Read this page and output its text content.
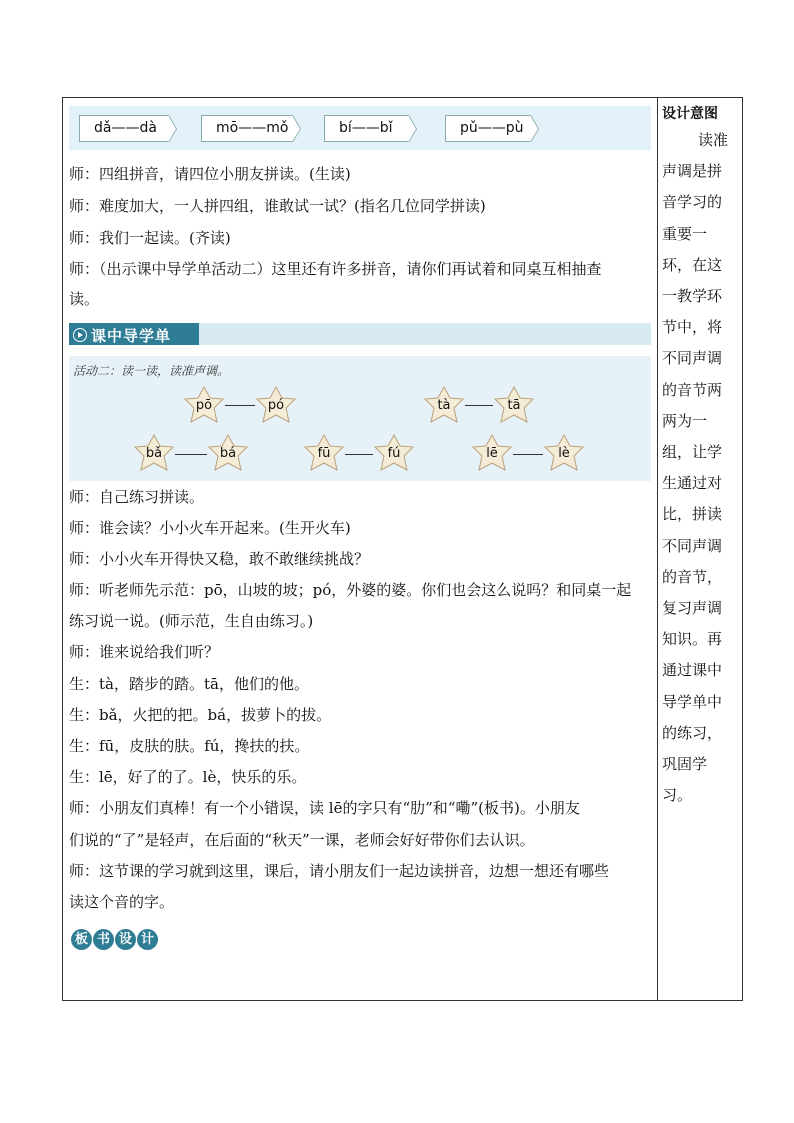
dǎ——dà	mō——mǒ	bí——bǐ	pǔ——pù
师：四组拼音，请四位小朋友拼读。(生读)
师：难度加大，一人拼四组，谁敢试一试？(指名几位同学拼读)
师：我们一起读。(齐读)
师：（出示课中导学单活动二）这里还有许多拼音，请你们再试着和同桌互相抽查
读。
课中导学单
活动二：读一读，读准声调。
pō	pó	tà	tā
bǎ	bá	fū	fú	lē	lè
师：自己练习拼读。
师：谁会读？小小火车开起来。(生开火车)
师：小小火车开得快又稳，敢不敢继续挑战？
师：听老师先示范：pō，山坡的坡；pó，外婆的婆。你们也会这么说吗？和同桌一起
练习说一说。(师示范，生自由练习。)
师：谁来说给我们听？
生：tà，踏步的踏。tā，他们的他。
生：bǎ，火把的把。bá，拔萝卜的拔。
生：fū，皮肤的肤。fú，搀扶的扶。
生：lē，好了的了。lè，快乐的乐。
师：小朋友们真棒！有一个小错误，读 lē的字只有“肋”和“嘞”(板书)。小朋友
们说的“了”是轻声，在后面的“秋天”一课，老师会好好带你们去认识。
师：这节课的学习就到这里，课后，请小朋友们一起边读拼音，边想一想还有哪些
读这个音的字。
板 书 设 计
设计意图
读准
声调是拼
音学习的
重要一
环，在这
一教学环
节中，将
不同声调
的音节两
两为一
组，让学
生通过对
比，拼读
不同声调
的音节，
复习声调
知识。再
通过课中
导学单中
的练习，
巩固学
习。
